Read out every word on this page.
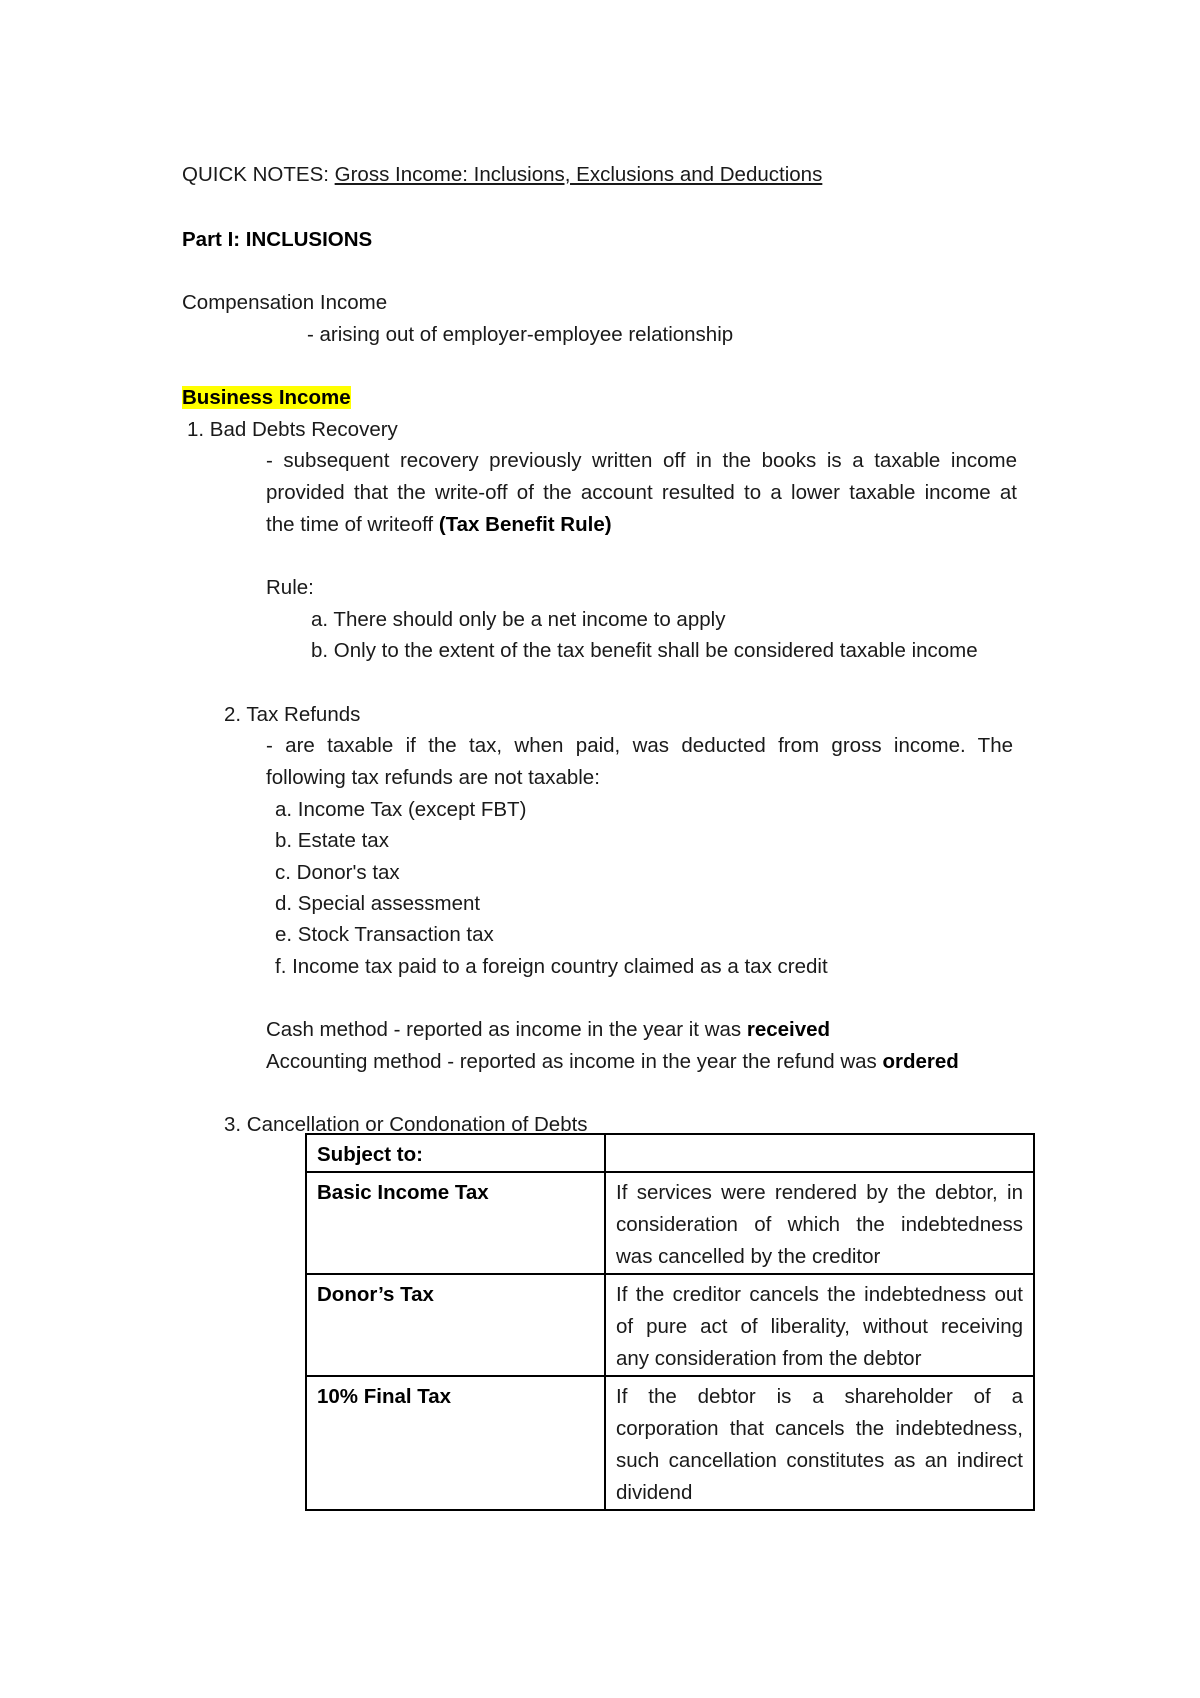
QUICK NOTES: Gross Income: Inclusions, Exclusions and Deductions
Part I: INCLUSIONS
Compensation Income
- arising out of employer-employee relationship
Business Income
1. Bad Debts Recovery
- subsequent recovery previously written off in the books is a taxable income
provided that the write-off of the account resulted to a lower taxable income at
the time of writeoff (Tax Benefit Rule)
Rule:
a. There should only be a net income to apply
b. Only to the extent of the tax benefit shall be considered taxable income
2. Tax Refunds
- are taxable if the tax, when paid, was deducted from gross income. The
following tax refunds are not taxable:
a. Income Tax (except FBT)
b. Estate tax
c. Donor's tax
d. Special assessment
e. Stock Transaction tax
f. Income tax paid to a foreign country claimed as a tax credit
Cash method - reported as income in the year it was received
Accounting method - reported as income in the year the refund was ordered
3. Cancellation or Condonation of Debts
Subject to:	
Basic Income Tax	If services were rendered by the debtor, in
consideration of which the indebtedness
was cancelled by the creditor

Donor’s Tax	If the creditor cancels the indebtedness out
of pure act of liberality, without receiving
any consideration from the debtor

10% Final Tax	If the debtor is a shareholder of a
corporation that cancels the indebtedness,
such cancellation constitutes as an indirect
dividend
